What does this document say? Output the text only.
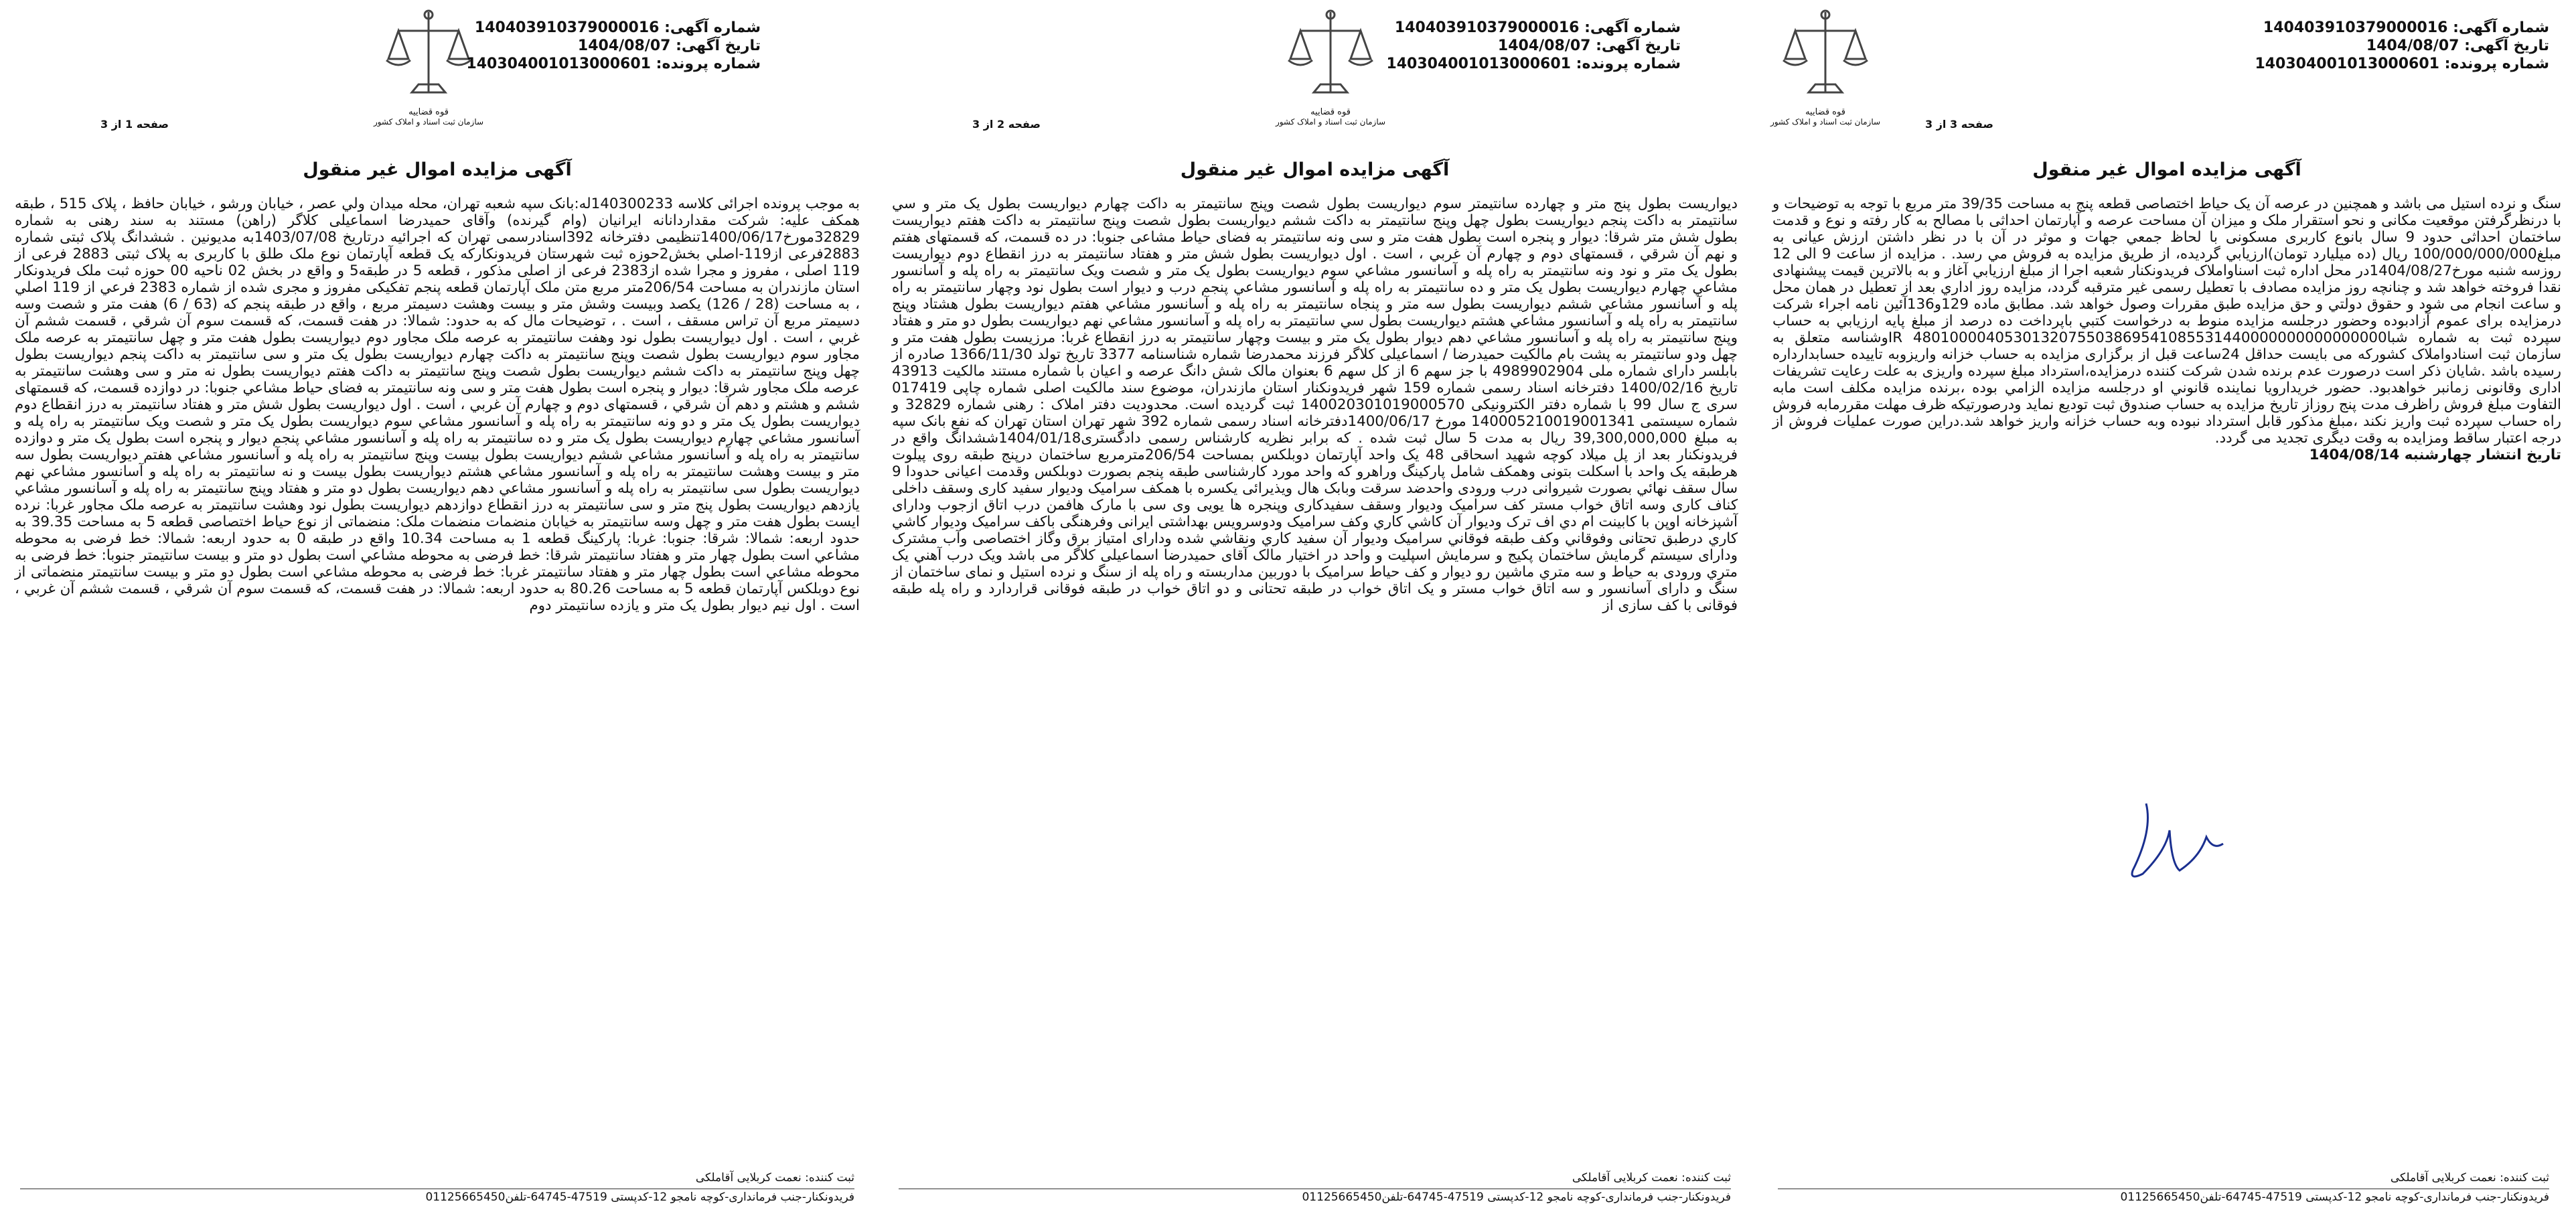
قوه قضاییه
سازمان ثبت اسناد و املاک کشور
شماره آگهی: 140403910379000016
تاریخ آگهی: 1404/08/07
شماره پرونده: 140304001013000601
صفحه 3 از 3
آگهی مزایده اموال غیر منقول

سنگ و نرده استیل می باشد و همچنین در عرصه آن یک حیاط اختصاصی قطعه پنج به مساحت 39/35 متر مربع با توجه به توضیحات و با درنظرگرفتن موقعیت مکانی و نحو استقرار ملک و میزان آن مساحت عرصه و آپارتمان احداثی با مصالح به کار رفته و نوع و قدمت ساختمان احداثی حدود 9 سال بانوع کاربری مسکونی با لحاظ جمعي جهات و موثر در آن با در نظر داشتن ارزش عیانی به مبلغ100/000/000/000 ریال (ده میلیارد تومان)ارزیابي گردیده، از طریق مزایده به فروش مي رسد. . مزایده از ساعت 9 الی 12 روزسه شنبه مورخ1404/08/27در محل اداره ثبت اسناواملاک فریدونکنار شعبه اجرا از مبلغ ارزیابي آغاز و به بالاترین قیمت پیشنهادی نقدا فروخته خواهد شد و چنانچه روز مزایده مصادف با تعطیل رسمی غیر مترقبه گردد، مزایده روز اداري بعد از تعطیل در همان محل و ساعت انجام می شود و حقوق دولتي و حق مزایده طبق مقررات وصول خواهد شد. مطابق ماده 129و136آئین نامه اجراء شرکت درمزایده برای عموم آزادبوده وحضور درجلسه مزایده منوط به درخواست کتبي باپرداخت ده درصد از مبلغ پایه ارزیابي به حساب سپرده ثبت به شماره شباIR 4801000040530132075503869541085531440000000000000000وشناسه متعلق به سازمان ثبت اسنادواملاک کشورکه می بایست حداقل 24ساعت قبل از برگزاری مزایده به حساب خزانه واریزوبه تاییده حسابدارداره رسیده باشد .شایان ذکر است درصورت عدم برنده شدن شرکت کننده درمزایده،استرداد مبلغ سپرده واریزی به علت رعایت تشریفات اداری وقانونی زمانبر خواهدبود. حضور خریدارویا نماینده قانوني او درجلسه مزایده الزامي بوده ،برنده مزایده مکلف است مابه التفاوت مبلغ فروش راظرف مدت پنج روزاز تاریخ مزایده به حساب صندوق ثبت تودیع نماید ودرصورتیکه ظرف مهلت مقررمابه فروش راه حساب سپرده ثبت واریز نکند ،مبلغ مذکور قابل استرداد نبوده وبه حساب خزانه واریز خواهد شد.دراین صورت عملیات فروش از درجه اعتبار ساقط ومزایده به وقت دیگری تجدید می گردد.

تاریخ انتشار چهارشنبه 1404/08/14

ثبت کننده: نعمت کربلایی آقاملکی
فریدونکنار-جنب فرمانداری-کوچه نامجو 12-کدپستی 47519-64745-تلفن01125665450
قوه قضاییه
سازمان ثبت اسناد و املاک کشور
شماره آگهی: 140403910379000016
تاریخ آگهی: 1404/08/07
شماره پرونده: 140304001013000601
صفحه 2 از 3
آگهی مزایده اموال غیر منقول

دیواریست بطول پنج متر و چهارده سانتیمتر سوم دیواریست بطول شصت وپنج سانتیمتر به داکت چهارم دیواریست بطول یک متر و سي سانتیمتر به داکت پنجم دیواریست بطول چهل وپنج سانتیمتر به داکت ششم دیواریست بطول شصت وپنج سانتیمتر به داکت هفتم دیواریست بطول شش متر شرقا: دیوار و پنجره است بطول هفت متر و سی ونه سانتیمتر به فضای حیاط مشاعی جنوبا: در ده قسمت، که قسمتهای هفتم و نهم آن شرقي ، قسمتهای دوم و چهارم آن غربي ، است . اول دیواریست بطول شش متر و هفتاد سانتیمتر به درز انقطاع دوم دیواریست بطول یک متر و نود ونه سانتیمتر به راه پله و آسانسور مشاعي سوم دیواریست بطول یک متر و شصت ویک سانتیمتر به راه پله و آسانسور مشاعي چهارم دیواریست بطول یک متر و ده سانتیمتر به راه پله و آسانسور مشاعي پنجم درب و دیوار است بطول نود وچهار سانتیمتر به راه پله و آسانسور مشاعي ششم دیواریست بطول سه متر و پنجاه سانتیمتر به راه پله و آسانسور مشاعي هفتم دیواریست بطول هشتاد وپنج سانتیمتر به راه پله و آسانسور مشاعي هشتم دیواریست بطول سي سانتیمتر به راه پله و آسانسور مشاعي نهم دیواریست بطول دو متر و هفتاد وپنج سانتیمتر به راه پله و آسانسور مشاعي دهم دیوار بطول یک متر و بیست وچهار سانتیمتر به درز انقطاع غربا: مرزیست بطول هفت متر و چهل ودو سانتیمتر به پشت بام مالکیت حمیدرضا / اسماعیلی کلاگر فرزند محمدرضا شماره شناسنامه 3377 تاریخ تولد 1366/11/30 صادره از بابلسر دارای شماره ملی 4989902904 با جز سهم 6 از کل سهم 6 بعنوان مالک شش دانگ عرصه و اعیان با شماره مستند مالکیت 43913 تاریخ 1400/02/16 دفترخانه اسناد رسمی شماره 159 شهر فریدونکنار استان مازندران، موضوع سند مالکیت اصلی شماره چاپی 017419 سری ج سال 99 با شماره دفتر الکترونیکی 140020301019000570 ثبت گردیده است. محدودیت دفتر املاک : رهنی شماره 32829 و شماره سیستمی 140005210019001341 مورخ 1400/06/17دفترخانه اسناد رسمی شماره 392 شهر تهران استان تهران که نفع بانک سپه به مبلغ 39,300,000,000 ریال به مدت 5 سال ثبت شده . که برابر نظریه کارشناس رسمی دادگستری1404/01/18ششدانگ واقع در فریدونکنار بعد از پل میلاد کوچه شهید اسحاقی 48 یک واحد آپارتمان دوبلکس بمساحت 206/54مترمربع ساختمان درپنج طبقه روی پیلوت هرطبقه یک واحد با اسکلت بتونی وهمکف شامل پارکینگ وراهرو که واحد مورد کارشناسی طبقه پنجم بصورت دوبلکس وقدمت اعیانی حدودا 9 سال سقف نهائي بصورت شیروانی درب ورودی واحدضد سرقت وبابک هال ویذیرائی یکسره با همکف سرامیک ودیوار سفید کاری وسقف داخلی کناف کاری وسه اتاق خواب مستر کف سرامیک ودیوار وسقف سفیدکاری وپنجره ها یویی وی سی با مارک هافمن درب اتاق ازجوب ودارای آشپزخانه اوپن با کابینت ام دي اف ترک ودیوار آن کاشي کاري وکف سرامیک ودوسرویس بهداشتی ایرانی وفرهنگی باکف سرامیک ودیوار کاشي کاري درطبق تحتانی وفوقاني وکف طبقه فوقاني سرامیک ودیوار آن سفید کاري ونقاشي شده ودارای امتیاز برق وگاز اختصاصی وآب مشترک ودارای سیستم گرمایش ساختمان پکیج و سرمایش اسپلیت و واحد در اختیار مالک آقای حمیدرضا اسماعیلی کلاگر می باشد ویک درب آهني يک متري ورودی به حیاط و سه متري ماشین رو دیوار و کف حیاط سرامیک با دوربین مداربسته و راه پله از سنگ و نرده استیل و نمای ساختمان از سنگ و دارای آسانسور و سه اتاق خواب مستر و یک اتاق خواب در طبقه تحتانی و دو اتاق خواب در طبقه فوقانی قراردارد و راه پله طبقه فوقانی با کف سازی از

ثبت کننده: نعمت کربلایی آقاملکی
فریدونکنار-جنب فرمانداری-کوچه نامجو 12-کدپستی 47519-64745-تلفن01125665450
قوه قضاییه
سازمان ثبت اسناد و املاک کشور
شماره آگهی: 140403910379000016
تاریخ آگهی: 1404/08/07
شماره پرونده: 140304001013000601
صفحه 1 از 3
آگهی مزایده اموال غیر منقول

به موجب پرونده اجرائی کلاسه 140300233له:بانک سپه شعبه تهران، محله میدان ولي عصر ، خیابان ورشو ، خیابان حافظ ، پلاک 515 ، طبقه همکف علیه: شرکت مقداردانانه ایرانیان (وام گیرنده) وآقای حمیدرضا اسماعیلی کلاگر (راهن) مستند به سند رهنی به شماره 32829مورخ1400/06/17تنظیمی دفترخانه 392اسنادرسمی تهران که اجرائیه درتاریخ 1403/07/08به مدیونین . ششدانگ پلاک ثبتی شماره 2883فرعی از119-اصلي بخش2حوزه ثبت شهرستان فریدونکارکه یک قطعه آپارتمان نوع ملک طلق با کاربری به پلاک ثبتی 2883 فرعی از 119 اصلی ، مفروز و مجرا شده از2383 فرعی از اصلی مذکور ، قطعه 5 در طبقه5 و واقع در بخش 02 ناحیه 00 حوزه ثبت ملک فریدونکار استان مازندران به مساحت 206/54متر مربع متن ملک آپارتمان قطعه پنجم تفکیکی مفروز و مجری شده از شماره 2383 فرعي از 119 اصلي ، به مساحت (28 / 126) یکصد وبیست وشش متر و بیست وهشت دسیمتر مربع ، واقع در طبقه پنجم که (63 / 6) هفت متر و شصت وسه دسیمتر مربع آن تراس مسقف ، است . ، توضیحات مال که به حدود: شمالا: در هفت قسمت، که قسمت سوم آن شرقي ، قسمت ششم آن غربي ، است . اول دیواریست بطول نود وهفت سانتیمتر به عرصه ملک مجاور دوم دیواریست بطول هفت متر و چهل سانتیمتر به عرصه ملک مجاور سوم دیواریست بطول شصت وپنج سانتیمتر به داکت چهارم دیواریست بطول یک متر و سی سانتیمتر به داکت پنجم دیواریست بطول چهل وپنج سانتیمتر به داکت ششم دیواریست بطول شصت وپنج سانتیمتر به داکت هفتم دیواریست بطول نه متر و سی وهشت سانتیمتر به عرصه ملک مجاور شرقا: دیوار و پنجره است بطول هفت متر و سی ونه سانتیمتر به فضای حیاط مشاعي جنوبا: در دوازده قسمت، که قسمتهای ششم و هشتم و دهم آن شرقي ، قسمتهای دوم و چهارم آن غربي ، است . اول دیواریست بطول شش متر و هفتاد سانتیمتر به درز انقطاع دوم دیواریست بطول یک متر و دو ونه سانتیمتر به راه پله و آسانسور مشاعي سوم دیواریست بطول یک متر و شصت ویک سانتیمتر به راه پله و آسانسور مشاعي چهارم دیواریست بطول یک متر و ده سانتیمتر به راه پله و آسانسور مشاعي پنجم دیوار و پنجره است بطول یک متر و دوازده سانتیمتر به راه پله و آسانسور مشاعي ششم دیواریست بطول بیست وپنج سانتیمتر به راه پله و آسانسور مشاعي هفتم دیواریست بطول سه متر و بیست وهشت سانتیمتر به راه پله و آسانسور مشاعي هشتم دیواریست بطول بیست و نه سانتیمتر به راه پله و آسانسور مشاعي نهم دیواریست بطول سی سانتیمتر به راه پله و آسانسور مشاعي دهم دیواریست بطول دو متر و هفتاد وپنج سانتیمتر به راه پله و آسانسور مشاعي یازدهم دیواریست بطول پنج متر و سی سانتیمتر به درز انقطاع دوازدهم دیواریست بطول نود وهشت سانتیمتر به عرصه ملک مجاور غربا: نرده ایست بطول هفت متر و چهل وسه سانتیمتر به خیابان منضمات منضمات ملک: منضماتی از نوع حیاط اختصاصی قطعه 5 به مساحت 39.35 به حدود اربعه: شمالا: شرقا: جنوبا: غربا: پارکینگ قطعه 1 به مساحت 10.34 واقع در طبقه 0 به حدود اربعه: شمالا: خط فرضی به محوطه مشاعي است بطول چهار متر و هفتاد سانتیمتر شرقا: خط فرضی به محوطه مشاعي است بطول دو متر و بیست سانتیمتر جنوبا: خط فرضی به محوطه مشاعي است بطول چهار متر و هفتاد سانتیمتر غربا: خط فرضی به محوطه مشاعي است بطول دو متر و بیست سانتیمتر منضماتی از نوع دوبلکس آپارتمان قطعه 5 به مساحت 80.26 به حدود اربعه: شمالا: در هفت قسمت، که قسمت سوم آن شرقي ، قسمت ششم آن غربي ، است . اول نیم دیوار بطول یک متر و یازده سانتیمتر دوم

ثبت کننده: نعمت کربلایی آقاملکی
فریدونکنار-جنب فرمانداری-کوچه نامجو 12-کدپستی 47519-64745-تلفن01125665450
